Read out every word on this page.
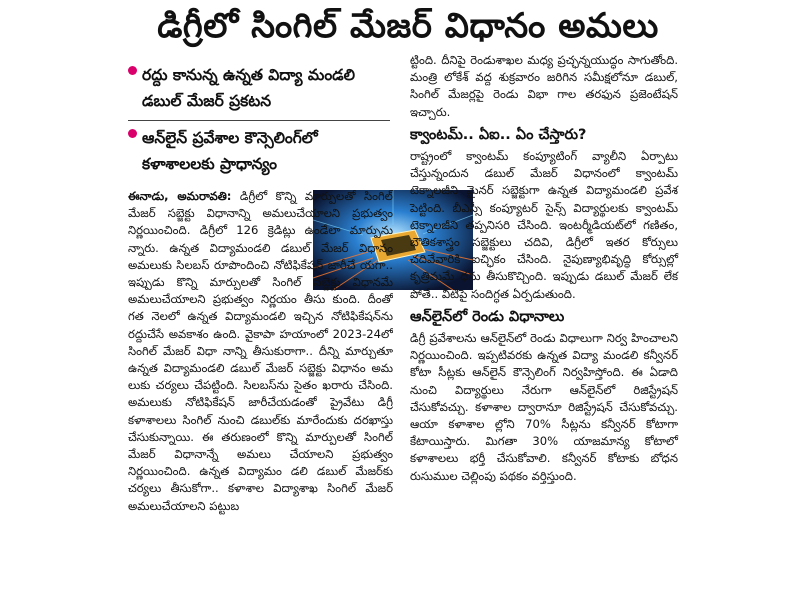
డిగ్రీలో సింగిల్ మేజర్ విధానం అమలు
రద్దు కానున్న ఉన్నత విద్యా మండలి డబుల్ మేజర్ ప్రకటన
ఆన్‌లైన్ ప్రవేశాల కౌన్సెలింగ్‌లో కళాశాలలకు ప్రాధాన్యం
ఈనాడు, అమరావతి: డిగ్రీలో కొన్ని మార్పులతో సింగిల్ మేజర్ సబ్జెక్టు విధానాన్ని అమలుచేయాలని ప్రభుత్వం నిర్ణయించింది. డిగ్రీలో 126 క్రెడిట్లు ఉండేలా మార్పును న్నారు. ఉన్నత విద్యామండలి డబుల్ మేజర్ విధానం అమలుకు సిలబస్ రూపొందించి నోటిఫికేషన్ జారీచే యగా.. ఇప్పుడు కొన్ని మార్పులతో సింగిల్ సబ్జెక్టు విధానమే అమలుచేయాలని ప్రభుత్వం నిర్ణయం తీసు కుంది. దీంతో గత నెలలో ఉన్నత విద్యామండలి ఇచ్చిన నోటిఫికేషన్‌ను రద్దుచేసే అవకాశం ఉంది. వైకాపా హయాంలో 2023-24లో సింగిల్ మేజర్ విధా నాన్ని తీసుకురాగా.. దీన్ని మార్చుతూ ఉన్నత విద్యామండలి డబుల్ మేజర్ సబ్జెక్టు విధానం అమ లుకు చర్యలు చేపట్టింది. సిలబస్‌ను సైతం ఖరారు చేసింది. అమలుకు నోటిఫికేషన్ జారీచేయడంతో ప్రైవేటు డిగ్రీ కళాశాలలు సింగిల్ నుంచి డబుల్‌కు మారేందుకు దరఖాస్తు చేసుకున్నాయి. ఈ తరుణంలో కొన్ని మార్పులతో సింగిల్ మేజర్ విధానాన్నే అమలు చేయాలని ప్రభుత్వం నిర్ణయించింది. ఉన్నత విద్యామం డలి డబుల్ మేజర్‌కు చర్యలు తీసుకోగా.. కళాశాల విద్యాశాఖ సింగిల్ మేజర్ అమలుచేయాలని పట్టుబ

ట్టింది. దీనిపై రెండుశాఖల మధ్య ప్రచ్ఛన్నయుద్ధం సాగుతోంది. మంత్రి లోకేశ్ వద్ద శుక్రవారం జరిగిన సమీక్షలోనూ డబుల్, సింగిల్ మేజర్లపై రెండు విభా గాల తరఫున ప్రజెంటేషన్ ఇచ్చారు.

క్వాంటమ్.. ఏఐ.. ఏం చేస్తారు?

రాష్ట్రంలో క్వాంటమ్ కంప్యూటింగ్ వ్యాలీని ఏర్పాటు చేస్తున్నందున డబుల్ మేజర్ విధానంలో క్వాంటమ్ టెక్నాలజీని మైనర్ సబ్జెక్టుగా ఉన్నత విద్యామండలి ప్రవేశ పెట్టింది. బీఎస్సీ కంప్యూటర్ సైన్స్ విద్యార్థులకు క్వాంటమ్ టెక్నాలజీని తప్పనిసరి చేసింది. ఇంటర్మీడియట్‌లో గణితం, భౌతికశాస్త్రం సబ్జెక్టులు చదివి, డిగ్రీలో ఇతర కోర్సులు చదివేవారికి ఐచ్ఛికం చేసింది. నైపుణ్యాభివృద్ధి కోర్సుల్లో కృత్రిమమే ధను తీసుకొచ్చింది. ఇప్పుడు డబుల్ మేజర్ లేక పోతే.. వీటిపై సందిగ్ధత ఏర్పడుతుంది.

ఆన్‌లైన్‌లో రెండు విధానాలు

డిగ్రీ ప్రవేశాలను ఆన్‌లైన్‌లో రెండు విధాలుగా నిర్వ హించాలని నిర్ణయించింది. ఇప్పటివరకు ఉన్నత విద్యా మండలి కన్వీనర్ కోటా సీట్లకు ఆన్‌లైన్ కౌన్సెలింగ్ నిర్వహిస్తోంది. ఈ ఏడాది నుంచి విద్యార్థులు నేరుగా ఆన్‌లైన్‌లో రిజిస్ట్రేషన్ చేసుకోవచ్చు. కళాశాల ద్వారానూ రిజిస్ట్రేషన్ చేసుకోవచ్చు. ఆయా కళాశాల ల్లోని 70% సీట్లను కన్వీనర్ కోటాగా కేటాయిస్తారు. మిగతా 30% యాజమాన్య కోటాలో కళాశాలలు భర్తీ చేసుకోవాలి. కన్వీనర్ కోటాకు బోధన రుసుముల చెల్లింపు పథకం వర్తిస్తుంది.
